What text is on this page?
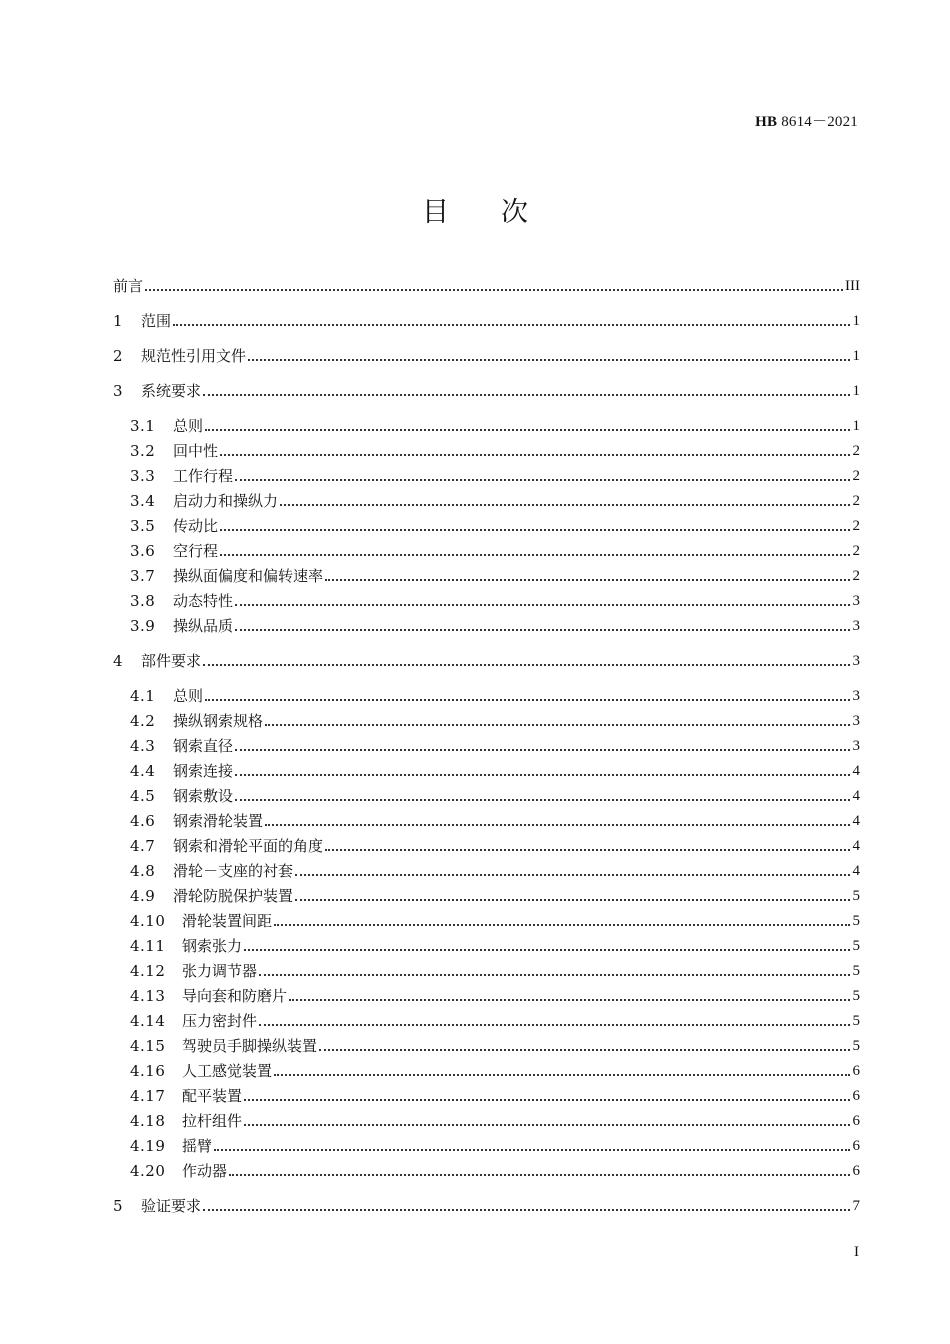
HB 8614－2021
目次
前言	III
1	范围	1
2	规范性引用文件	1
3	系统要求	1
3.1	总则	1
3.2	回中性	2
3.3	工作行程	2
3.4	启动力和操纵力	2
3.5	传动比	2
3.6	空行程	2
3.7	操纵面偏度和偏转速率	2
3.8	动态特性	3
3.9	操纵品质	3
4	部件要求	3
4.1	总则	3
4.2	操纵钢索规格	3
4.3	钢索直径	3
4.4	钢索连接	4
4.5	钢索敷设	4
4.6	钢索滑轮装置	4
4.7	钢索和滑轮平面的角度	4
4.8	滑轮－支座的衬套	4
4.9	滑轮防脱保护装置	5
4.10	滑轮装置间距	5
4.11	钢索张力	5
4.12	张力调节器	5
4.13	导向套和防磨片	5
4.14	压力密封件	5
4.15	驾驶员手脚操纵装置	5
4.16	人工感觉装置	6
4.17	配平装置	6
4.18	拉杆组件	6
4.19	摇臂	6
4.20	作动器	6
5	验证要求	7
I
